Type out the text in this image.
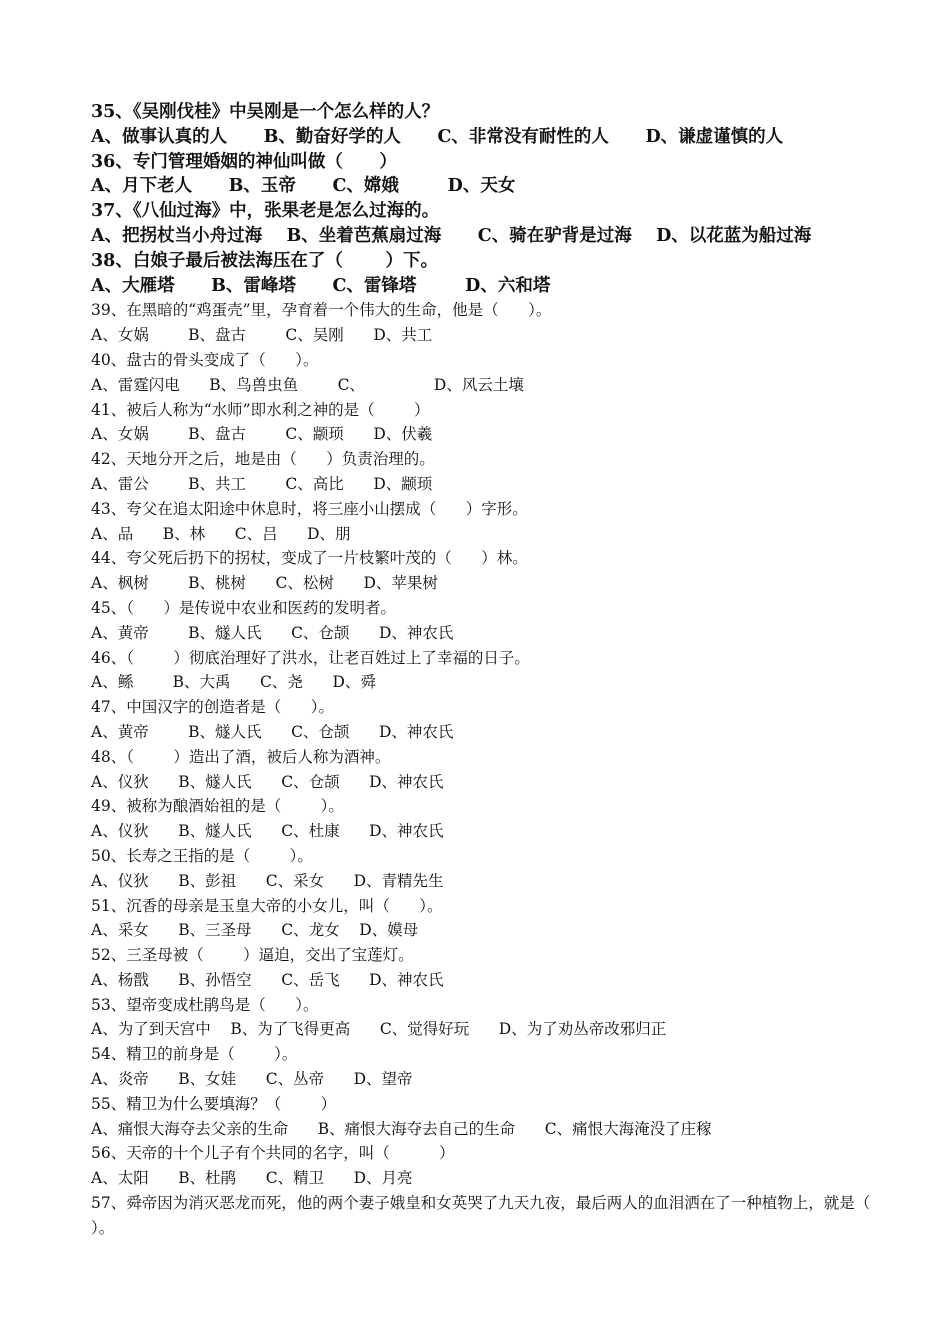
35、《吴刚伐桂》中吴刚是一个怎么样的人？
A、做事认真的人      B、勤奋好学的人      C、非常没有耐性的人      D、谦虚谨慎的人
36、专门管理婚姻的神仙叫做（      ）
A、月下老人      B、玉帝      C、嫦娥        D、天女
37、《八仙过海》中，张果老是怎么过海的。
A、把拐杖当小舟过海    B、坐着芭蕉扇过海      C、骑在驴背是过海    D、以花蓝为船过海
38、白娘子最后被法海压在了（       ）下。
A、大雁塔      B、雷峰塔      C、雷锋塔        D、六和塔
39、在黑暗的“鸡蛋壳”里，孕育着一个伟大的生命，他是（      ）。
A、女娲        B、盘古        C、吴刚      D、共工
40、盘古的骨头变成了（      ）。
A、雷霆闪电      B、鸟兽虫鱼        C、              D、风云土壤
41、被后人称为“水师”即水利之神的是（        ）
A、女娲        B、盘古        C、颛顼      D、伏羲
42、天地分开之后，地是由（      ）负责治理的。
A、雷公        B、共工        C、高比      D、颛顼
43、夸父在追太阳途中休息时，将三座小山摆成（      ）字形。
A、品      B、林      C、吕      D、朋
44、夸父死后扔下的拐杖，变成了一片枝繁叶茂的（      ）林。
A、枫树        B、桃树      C、松树      D、苹果树
45、（      ）是传说中农业和医药的发明者。
A、黄帝        B、燧人氏      C、仓颉      D、神农氏
46、（        ）彻底治理好了洪水，让老百姓过上了幸福的日子。
A、鲧        B、大禹      C、尧      D、舜
47、中国汉字的创造者是（      ）。
A、黄帝        B、燧人氏      C、仓颉      D、神农氏
48、（        ）造出了酒，被后人称为酒神。
A、仪狄      B、燧人氏      C、仓颉      D、神农氏
49、被称为酿酒始祖的是（        ）。
A、仪狄      B、燧人氏      C、杜康      D、神农氏
50、长寿之王指的是（        ）。
A、仪狄      B、彭祖      C、采女      D、青精先生
51、沉香的母亲是玉皇大帝的小女儿，叫（      ）。
A、采女      B、三圣母      C、龙女    D、嫫母
52、三圣母被（        ）逼迫，交出了宝莲灯。
A、杨戬      B、孙悟空      C、岳飞      D、神农氏
53、望帝变成杜鹃鸟是（      ）。
A、为了到天宫中    B、为了飞得更高      C、觉得好玩      D、为了劝丛帝改邪归正
54、精卫的前身是（        ）。
A、炎帝      B、女娃      C、丛帝      D、望帝
55、精卫为什么要填海？（        ）
A、痛恨大海夺去父亲的生命      B、痛恨大海夺去自己的生命      C、痛恨大海淹没了庄稼
56、天帝的十个儿子有个共同的名字，叫（          ）
A、太阳      B、杜鹃      C、精卫      D、月亮
57、舜帝因为消灭恶龙而死，他的两个妻子娥皇和女英哭了九天九夜，最后两人的血泪洒在了一种植物上，就是（ ）。
